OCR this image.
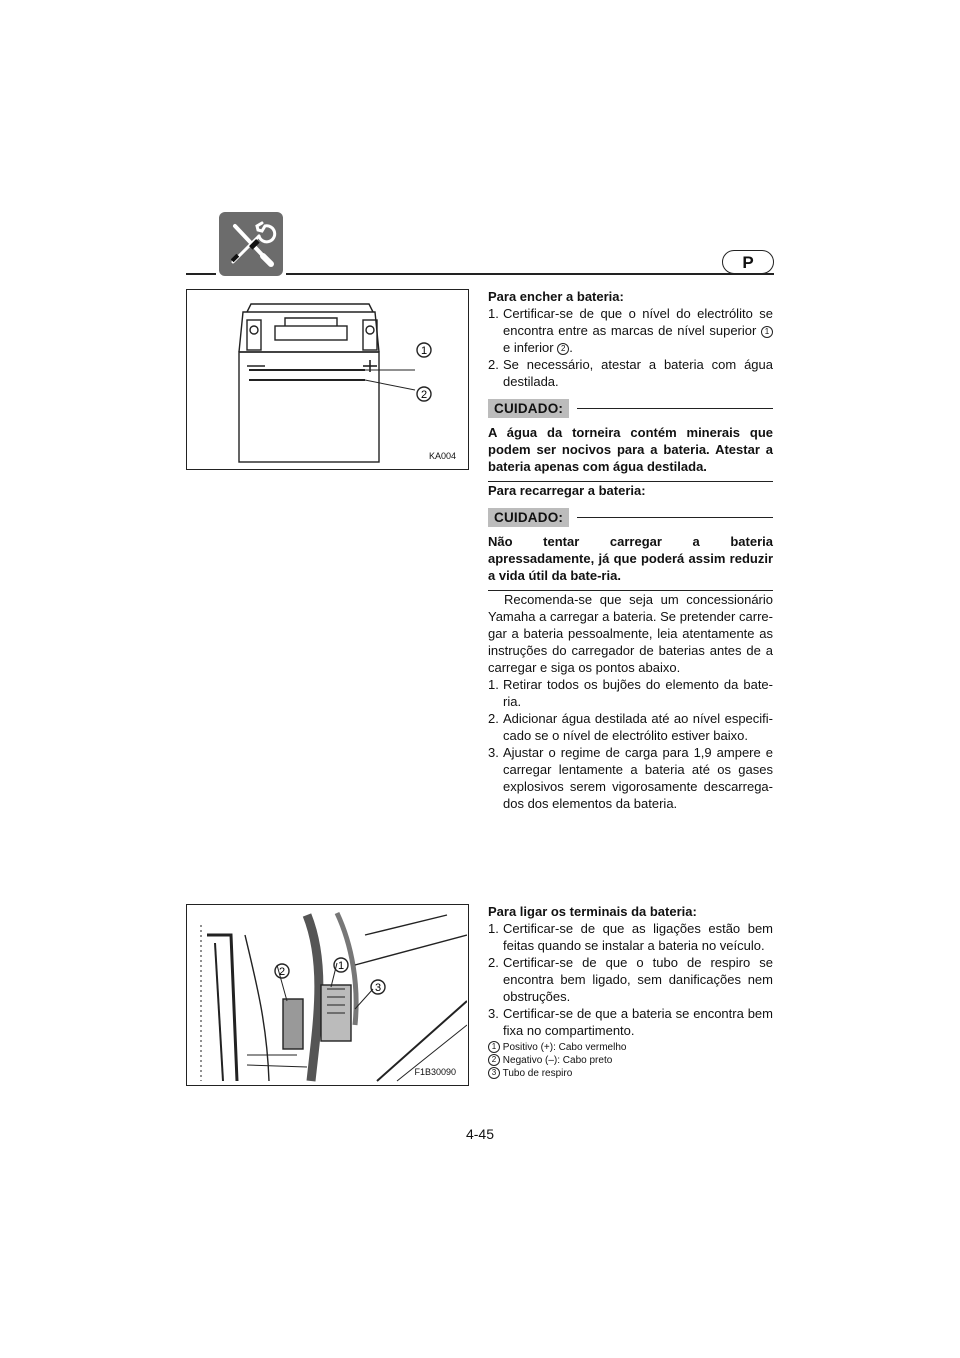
P
1
2
KA004

Para encher a bateria:

1. Certificar-se de que o nível do electrólito se encontra entre as marcas de nível superior 1 e inferior 2 .
2. Se necessário, atestar a bateria com água destilada.
CUIDADO:

A água da torneira contém minerais que podem ser nocivos para a bateria. Atestar a bateria apenas com água destilada.

Para recarregar a bateria:

CUIDADO:

Não tentar carregar a bateria apressadamente, já que poderá assim reduzir a vida útil da bate-ria.

Recomenda-se que seja um concessionário Yamaha a carregar a bateria. Se pretender carre-gar a bateria pessoalmente, leia atentamente as instruções do carregador de baterias antes de a carregar e siga os pontos abaixo.

1. Retirar todos os bujões do elemento da bate-ria.
2. Adicionar água destilada até ao nível especifi-cado se o nível de electrólito estiver baixo.
3. Ajustar o regime de carga para 1,9 ampere e carregar lentamente a bateria até os gases explosivos serem vigorosamente descarrega-dos dos elementos da bateria.
2	1
3
F1B30090

Para ligar os terminais da bateria:

1. Certificar-se de que as ligações estão bem feitas quando se instalar a bateria no veículo.
2. Certificar-se de que o tubo de respiro se encontra bem ligado, sem danificações nem obstruções.
3. Certificar-se de que a bateria se encontra bem fixa no compartimento.
1 Positivo (+): Cabo vermelho
2 Negativo (–): Cabo preto
3 Tubo de respiro
4-45
